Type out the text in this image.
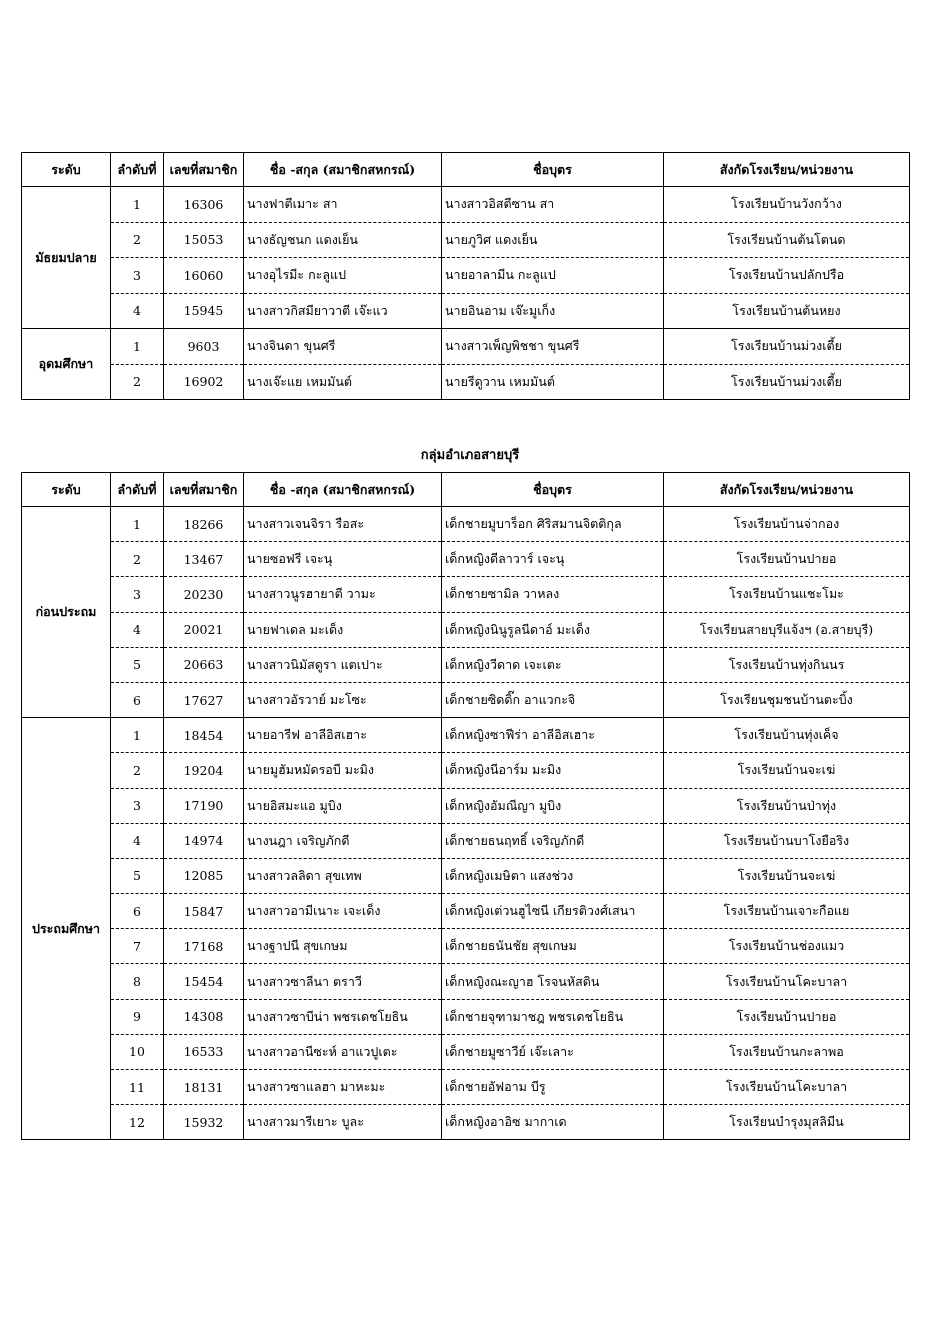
ระดับ	ลำดับที่	เลขที่สมาชิก	ชื่อ -สกุล (สมาชิกสหกรณ์)	ชื่อบุตร	สังกัดโรงเรียน/หน่วยงาน
มัธยมปลาย	1	16306	นางฟาตีเมาะ สา	นางสาวอิสตีซาน สา	โรงเรียนบ้านวังกว้าง
	2	15053	นางธัญชนก แดงเย็น	นายภูวิศ แดงเย็น	โรงเรียนบ้านต้นโตนด
	3	16060	นางอุไรมีะ กะลูแป	นายอาลามีน กะลูแป	โรงเรียนบ้านปลักปรือ
	4	15945	นางสาวกิสมียาวาตี เจ๊ะแว	นายอินอาม เจ๊ะมูเก็ง	โรงเรียนบ้านต้นหยง
อุดมศึกษา	1	9603	นางจินดา ขุนศรี	นางสาวเพ็ญพิชชา ขุนศรี	โรงเรียนบ้านม่วงเตี้ย
	2	16902	นางเจ๊ะแย เหมมันต์	นายรีดูวาน เหมมันต์	โรงเรียนบ้านม่วงเตี้ย
กลุ่มอำเภอสายบุรี
ระดับ	ลำดับที่	เลขที่สมาชิก	ชื่อ -สกุล (สมาชิกสหกรณ์)	ชื่อบุตร	สังกัดโรงเรียน/หน่วยงาน
ก่อนประถม	1	18266	นางสาวเจนจิรา รือสะ	เด็กชายมูบาร็อก ศิริสมานจิตติกุล	โรงเรียนบ้านจ่ากอง
	2	13467	นายซอฟรี เจะนุ	เด็กหญิงดีลาวาร์ เจะนุ	โรงเรียนบ้านปายอ
	3	20230	นางสาวนูรฮายาตี วามะ	เด็กชายซามิล วาหลง	โรงเรียนบ้านแชะโมะ
	4	20021	นายฟาเดล มะเด็ง	เด็กหญิงนินูรูลนีดาอ์ มะเด็ง	โรงเรียนสายบุรีแจ้งฯ (อ.สายบุรี)
	5	20663	นางสาวนิมัสดูรา แตเปาะ	เด็กหญิงวีดาด เจะเตะ	โรงเรียนบ้านทุ่งกินนร
	6	17627	นางสาวอัรวาย์ มะโซะ	เด็กชายซิดดิ๊ก อาแวกะจิ	โรงเรียนชุมชนบ้านตะบิ้ง
ประถมศึกษา	1	18454	นายอารีฟ อาลีอิสเฮาะ	เด็กหญิงซาฟีร่า อาลีอิสเฮาะ	โรงเรียนบ้านทุ่งเค็จ
	2	19204	นายมูฮัมหมัดรอบี มะมิง	เด็กหญิงนีอาร์ม มะมิง	โรงเรียนบ้านจะเฆ่
	3	17190	นายอิสมะแอ มูบิง	เด็กหญิงอัมณีญา มูบิง	โรงเรียนบ้านป่าทุ่ง
	4	14974	นางนฎา เจริญภักดี	เด็กชายธนฤทธิ์ เจริญภักดี	โรงเรียนบ้านบาโงยือริง
	5	12085	นางสาวลลิดา สุขเทพ	เด็กหญิงเมษิตา แสงช่วง	โรงเรียนบ้านจะเฆ่
	6	15847	นางสาวอามีเนาะ เจะเด็ง	เด็กหญิงเต่วนฮูไซนี เกียรติวงศ์เสนา	โรงเรียนบ้านเจาะกือแย
	7	17168	นางฐาปนี สุขเกษม	เด็กชายธนันชัย สุขเกษม	โรงเรียนบ้านช่องแมว
	8	15454	นางสาวซาลีนา ตราวี	เด็กหญิงณะญาฮ โรจนหัสดิน	โรงเรียนบ้านโคะบาลา
	9	14308	นางสาวซาบีน่า พชรเดชโยธิน	เด็กชายจุฑามาชฎ พชรเดชโยธิน	โรงเรียนบ้านปายอ
	10	16533	นางสาวอานีซะห์ อาแวปูเตะ	เด็กชายมูซาวีย์ เจ๊ะเลาะ	โรงเรียนบ้านกะลาพอ
	11	18131	นางสาวซาแลฮา มาหะมะ	เด็กชายอัฟอาม บีรู	โรงเรียนบ้านโคะบาลา
	12	15932	นางสาวมารีเยาะ บูละ	เด็กหญิงอาอิซ มากาเด	โรงเรียนบำรุงมุสลิมีน
